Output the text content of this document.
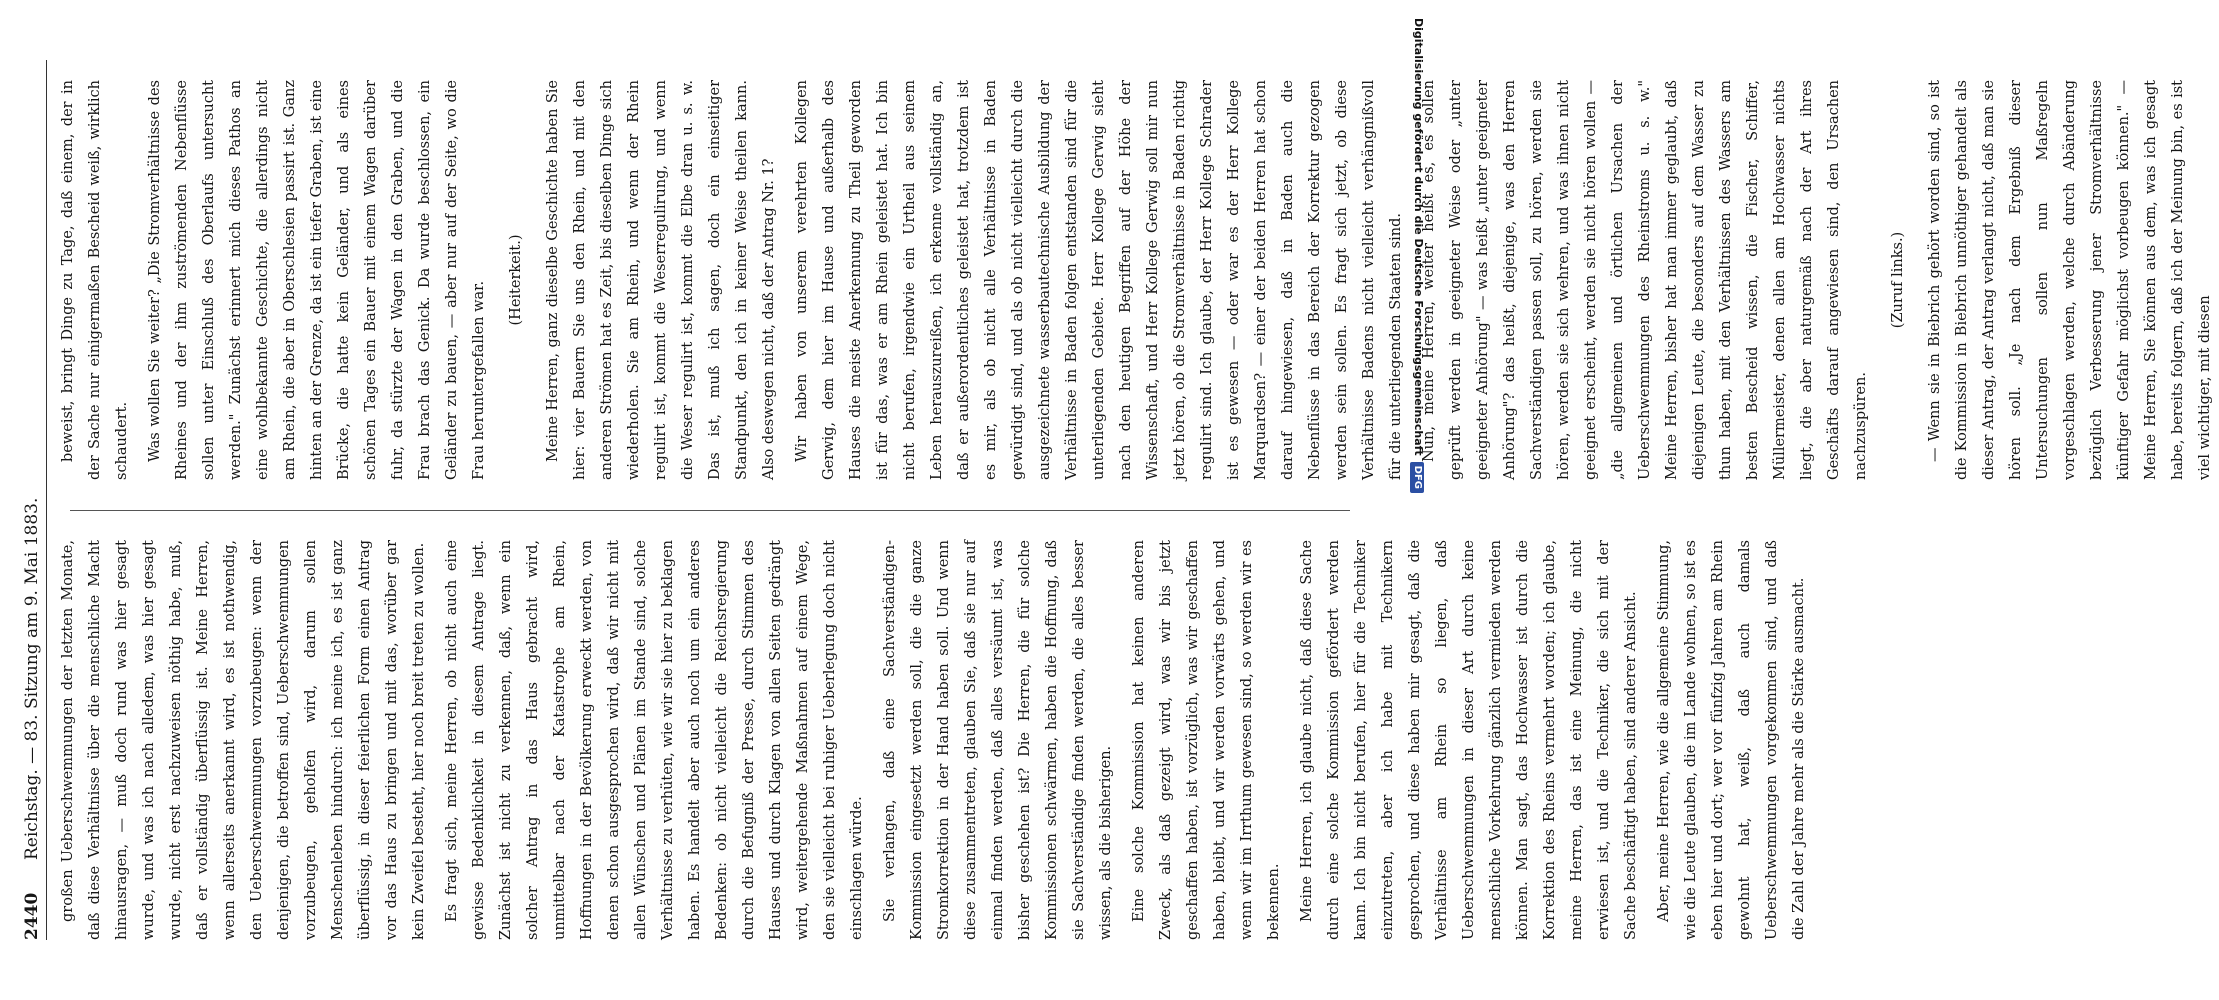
2440
Reichstag. — 83. Sitzung am 9. Mai 1883.	großen Ueberschwemmungen der letzten Monate, daß diese Verhältnisse über die menschliche Macht hinausragen, — muß doch rund was hier gesagt wurde, und was ich nach alledem, was hier gesagt wurde, nicht erst nachzuweisen nöthig habe, muß, daß er vollständig überflüssig ist. Meine Herren, wenn allerseits anerkannt wird, es ist nothwendig, den Ueberschwemmungen vorzubeugen: wenn der denjenigen, die betroffen sind, Ueberschwemmungen vorzubeugen, geholfen wird, darum sollen Menschenleben hindurch: ich meine ich, es ist ganz überflüssig, in dieser feierlichen Form einen Antrag vor das Haus zu bringen und mit das, worüber gar kein Zweifel besteht, hier noch breit treten zu wollen.	Es fragt sich, meine Herren, ob nicht auch eine gewisse Bedenklichkeit in diesem Antrage liegt. Zunächst ist nicht zu verkennen, daß, wenn ein solcher Antrag in das Haus gebracht wird, unmittelbar nach der Katastrophe am Rhein, Hoffnungen in der Bevölkerung erweckt werden, von denen schon ausgesprochen wird, daß wir nicht mit allen Wünschen und Plänen im Stande sind, solche Verhältnisse zu verhüten, wie wir sie hier zu beklagen haben. Es handelt aber auch noch um ein anderes Bedenken: ob nicht vielleicht die Reichsregierung durch die Befugniß der Presse, durch Stimmen des Hauses und durch Klagen von allen Seiten gedrängt wird, weitergehende Maßnahmen auf einem Wege, den sie vielleicht bei ruhiger Ueberlegung doch nicht einschlagen würde.	Sie verlangen, daß eine Sachverständigen-Kommission eingesetzt werden soll, die die ganze Stromkorrektion in der Hand haben soll. Und wenn diese zusammentreten, glauben Sie, daß sie nur auf einmal finden werden, daß alles versäumt ist, was bisher geschehen ist? Die Herren, die für solche Kommissionen schwärmen, haben die Hoffnung, daß sie Sachverständige finden werden, die alles besser wissen, als die bisherigen.	Eine solche Kommission hat keinen anderen Zweck, als daß gezeigt wird, was wir bis jetzt geschaffen haben, ist vorzüglich, was wir geschaffen haben, bleibt, und wir werden vorwärts gehen, und wenn wir im Irrthum gewesen sind, so werden wir es bekennen.	Meine Herren, ich glaube nicht, daß diese Sache durch eine solche Kommission gefördert werden kann. Ich bin nicht berufen, hier für die Techniker einzutreten, aber ich habe mit Technikern gesprochen, und diese haben mir gesagt, daß die Verhältnisse am Rhein so liegen, daß Ueberschwemmungen in dieser Art durch keine menschliche Vorkehrung gänzlich vermieden werden können. Man sagt, das Hochwasser ist durch die Korrektion des Rheins vermehrt worden; ich glaube, meine Herren, das ist eine Meinung, die nicht erwiesen ist, und die Techniker, die sich mit der Sache beschäftigt haben, sind anderer Ansicht.	Aber, meine Herren, wie die allgemeine Stimmung, wie die Leute glauben, die im Lande wohnen, so ist es eben hier und dort; wer vor fünfzig Jahren am Rhein gewohnt hat, weiß, daß auch damals Ueberschwemmungen vorgekommen sind, und daß die Zahl der Jahre mehr als die Stärke ausmacht.

beweist, bringt Dinge zu Tage, daß einem, der in der Sache nur einigermaßen Bescheid weiß, wirklich schaudert.	Was wollen Sie weiter? „Die Stromverhältnisse des Rheines und der ihm zuströmenden Nebenflüsse sollen unter Einschluß des Oberlaufs untersucht werden." Zunächst erinnert mich dieses Pathos an eine wohlbekannte Geschichte, die allerdings nicht am Rhein, die aber in Oberschlesien passirt ist. Ganz hinten an der Grenze, da ist ein tiefer Graben, ist eine Brücke, die hatte kein Geländer, und als eines schönen Tages ein Bauer mit einem Wagen darüber fuhr, da stürzte der Wagen in den Graben, und die Frau brach das Genick. Da wurde beschlossen, ein Geländer zu bauen, — aber nur auf der Seite, wo die Frau heruntergefallen war.

(Heiterkeit.)	Meine Herren, ganz dieselbe Geschichte haben Sie hier: vier Bauern Sie uns den Rhein, und mit den anderen Strömen hat es Zeit, bis dieselben Dinge sich wiederholen. Sie am Rhein, und wenn der Rhein regulirt ist, kommt die Weserregulirung, und wenn die Weser regulirt ist, kommt die Elbe dran u. s. w. Das ist, muß ich sagen, doch ein einseitiger Standpunkt, den ich in keiner Weise theilen kann. Also deswegen nicht, daß der Antrag Nr. 1?	Wir haben von unserem verehrten Kollegen Gerwig, dem hier im Hause und außerhalb des Hauses die meiste Anerkennung zu Theil geworden ist für das, was er am Rhein geleistet hat. Ich bin nicht berufen, irgendwie ein Urtheil aus seinem Leben herauszureißen, ich erkenne vollständig an, daß er außerordentliches geleistet hat, trotzdem ist es mir, als ob nicht alle Verhältnisse in Baden gewürdigt sind, und als ob nicht vielleicht durch die ausgezeichnete wasserbautechnische Ausbildung der Verhältnisse in Baden folgen entstanden sind für die unterliegenden Gebiete. Herr Kollege Gerwig sieht nach den heutigen Begriffen auf der Höhe der Wissenschaft, und Herr Kollege Gerwig soll mir nun jetzt hören, ob die Stromverhältnisse in Baden richtig regulirt sind. Ich glaube, der Herr Kollege Schrader ist es gewesen — oder war es der Herr Kollege Marquardsen? — einer der beiden Herren hat schon darauf hingewiesen, daß in Baden auch die Nebenflüsse in das Bereich der Korrektur gezogen werden sein sollen. Es fragt sich jetzt, ob diese Verhältnisse Badens nicht vielleicht verhängnißvoll für die unterliegenden Staaten sind.	Nun, meine Herren, weiter heißt es, es sollen geprüft werden in geeigneter Weise oder „unter geeigneter Anhörung" — was heißt „unter geeigneter Anhörung"? das heißt, diejenige, was den Herren Sachverständigen passen soll, zu hören, werden sie hören, werden sie sich wehren, und was ihnen nicht geeignet erscheint, werden sie nicht hören wollen — „die allgemeinen und örtlichen Ursachen der Ueberschwemmungen des Rheinstroms u. s. w." Meine Herren, bisher hat man immer geglaubt, daß diejenigen Leute, die besonders auf dem Wasser zu thun haben, mit den Verhältnissen des Wassers am besten Bescheid wissen, die Fischer, Schiffer, Müllermeister, denen allen am Hochwasser nichts liegt, die aber naturgemäß nach der Art ihres Geschäfts darauf angewiesen sind, den Ursachen nachzuspüren.

(Zuruf links.)	— Wenn sie in Biebrich gehört worden sind, so ist die Kommission in Biebrich unnöthiger gehandelt als dieser Antrag, der Antrag verlangt nicht, daß man sie hören soll. „Je nach dem Ergebniß dieser Untersuchungen sollen nun Maßregeln vorgeschlagen werden, welche durch Abänderung bezüglich Verbesserung jener Stromverhältnisse künftiger Gefahr möglichst vorbeugen können." — Meine Herren, Sie können aus dem, was ich gesagt habe, bereits folgern, daß ich der Meinung bin, es ist viel wichtiger, mit diesen

Digitalisierung gefördert durch die Deutsche ForschungsgemeinschaftDFG
